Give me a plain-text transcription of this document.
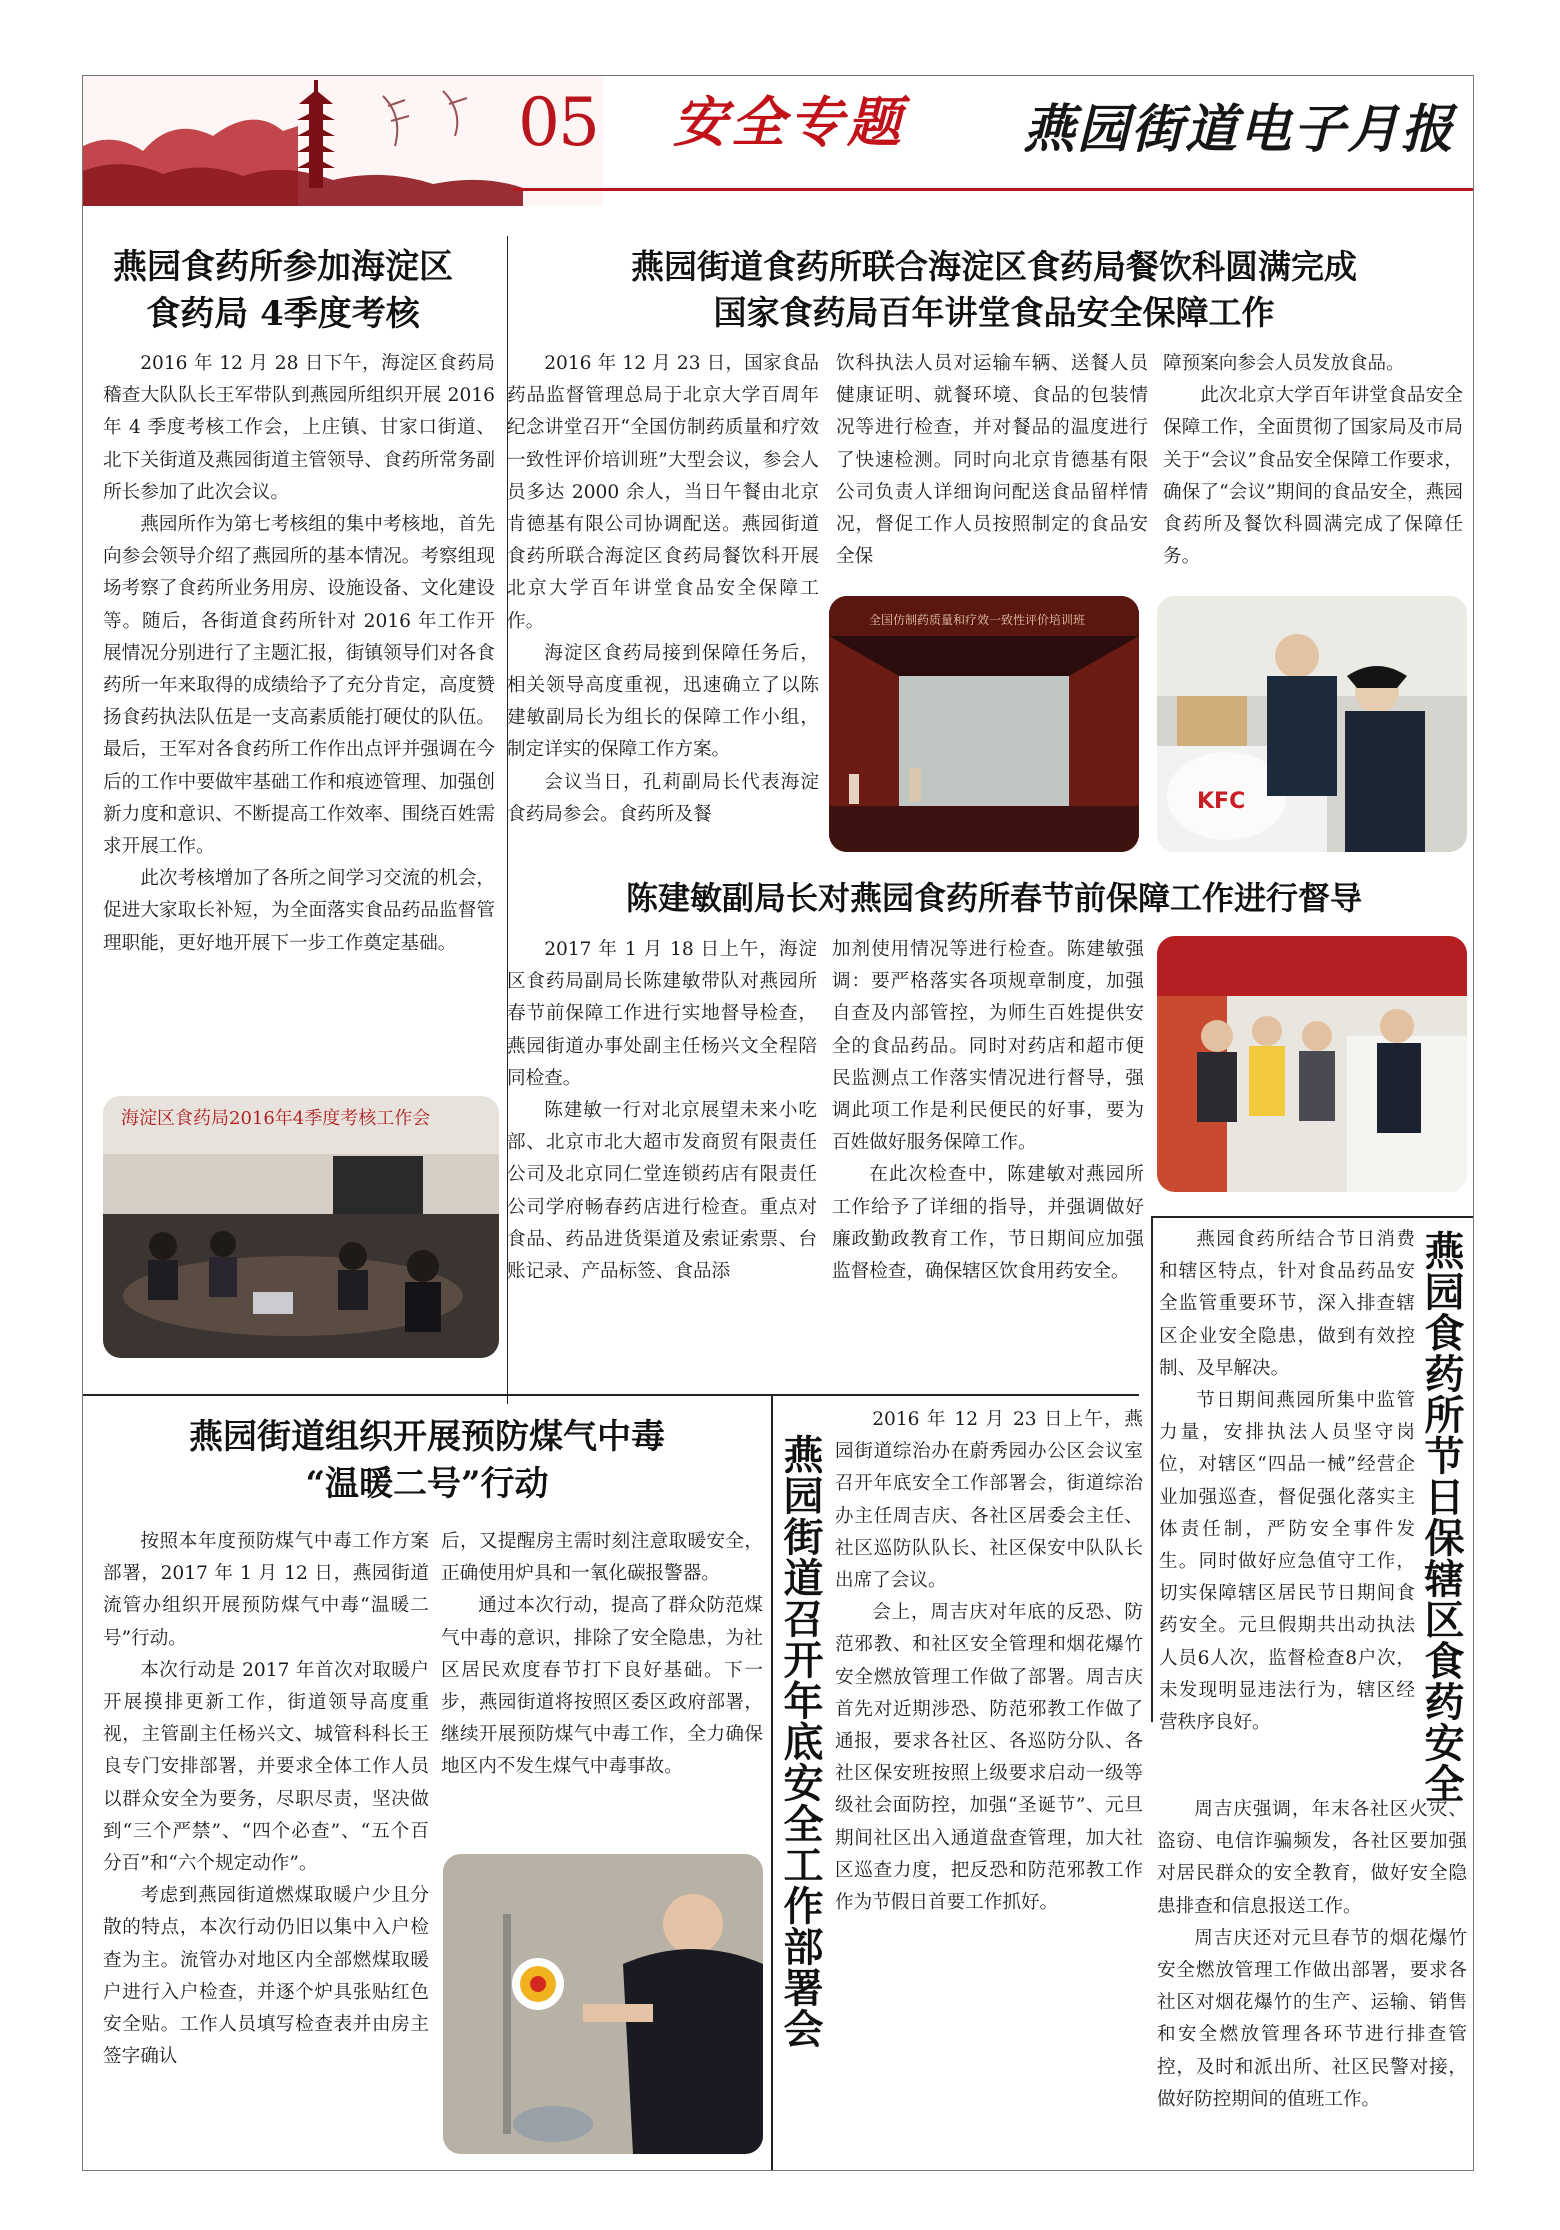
05 安全专题 燕园街道电子月报
燕园食药所参加海淀区
食药局 4季度考核

2016 年 12 月 28 日下午，海淀区食药局稽查大队队长王军带队到燕园所组织开展 2016 年 4 季度考核工作会，上庄镇、甘家口街道、北下关街道及燕园街道主管领导、食药所常务副所长参加了此次会议。

燕园所作为第七考核组的集中考核地，首先向参会领导介绍了燕园所的基本情况。考察组现场考察了食药所业务用房、设施设备、文化建设等。随后，各街道食药所针对 2016 年工作开展情况分别进行了主题汇报，街镇领导们对各食药所一年来取得的成绩给予了充分肯定，高度赞扬食药执法队伍是一支高素质能打硬仗的队伍。最后，王军对各食药所工作作出点评并强调在今后的工作中要做牢基础工作和痕迹管理、加强创新力度和意识、不断提高工作效率、围绕百姓需求开展工作。

此次考核增加了各所之间学习交流的机会，促进大家取长补短，为全面落实食品药品监督管理职能，更好地开展下一步工作奠定基础。

海淀区食药局2016年4季度考核工作会
燕园街道食药所联合海淀区食药局餐饮科圆满完成
国家食药局百年讲堂食品安全保障工作

2016 年 12 月 23 日，国家食品药品监督管理总局于北京大学百周年纪念讲堂召开“全国仿制药质量和疗效一致性评价培训班”大型会议，参会人员多达 2000 余人，当日午餐由北京肯德基有限公司协调配送。燕园街道食药所联合海淀区食药局餐饮科开展北京大学百年讲堂食品安全保障工作。

海淀区食药局接到保障任务后，相关领导高度重视，迅速确立了以陈建敏副局长为组长的保障工作小组，制定详实的保障工作方案。

会议当日，孔莉副局长代表海淀食药局参会。食药所及餐

饮科执法人员对运输车辆、送餐人员健康证明、就餐环境、食品的包装情况等进行检查，并对餐品的温度进行了快速检测。同时向北京肯德基有限公司负责人详细询问配送食品留样情况，督促工作人员按照制定的食品安全保

障预案向参会人员发放食品。

此次北京大学百年讲堂食品安全保障工作，全面贯彻了国家局及市局关于“会议”食品安全保障工作要求，确保了“会议”期间的食品安全，燕园食药所及餐饮科圆满完成了保障任务。

全国仿制药质量和疗效一致性评价培训班
KFC
陈建敏副局长对燕园食药所春节前保障工作进行督导

2017 年 1 月 18 日上午，海淀区食药局副局长陈建敏带队对燕园所春节前保障工作进行实地督导检查，燕园街道办事处副主任杨兴文全程陪同检查。

陈建敏一行对北京展望未来小吃部、北京市北大超市发商贸有限责任公司及北京同仁堂连锁药店有限责任公司学府畅春药店进行检查。重点对食品、药品进货渠道及索证索票、台账记录、产品标签、食品添

加剂使用情况等进行检查。陈建敏强调：要严格落实各项规章制度，加强自查及内部管控，为师生百姓提供安全的食品药品。同时对药店和超市便民监测点工作落实情况进行督导，强调此项工作是利民便民的好事，要为百姓做好服务保障工作。

在此次检查中，陈建敏对燕园所工作给予了详细的指导，并强调做好廉政勤政教育工作，节日期间应加强监督检查，确保辖区饮食用药安全。	燕园食药所节日保辖区食药安全

燕园食药所结合节日消费和辖区特点，针对食品药品安全监管重要环节，深入排查辖区企业安全隐患，做到有效控制、及早解决。

节日期间燕园所集中监管力量，安排执法人员坚守岗位，对辖区“四品一械”经营企业加强巡查，督促强化落实主体责任制，严防安全事件发生。同时做好应急值守工作，切实保障辖区居民节日期间食药安全。元旦假期共出动执法人员6人次，监督检查8户次，未发现明显违法行为，辖区经营秩序良好。

燕园街道组织开展预防煤气中毒
“温暖二号”行动

按照本年度预防煤气中毒工作方案部署，2017 年 1 月 12 日，燕园街道流管办组织开展预防煤气中毒“温暖二号”行动。

本次行动是 2017 年首次对取暖户开展摸排更新工作，街道领导高度重视，主管副主任杨兴文、城管科科长王良专门安排部署，并要求全体工作人员以群众安全为要务，尽职尽责，坚决做到“三个严禁”、“四个必查”、“五个百分百”和“六个规定动作”。

考虑到燕园街道燃煤取暖户少且分散的特点，本次行动仍旧以集中入户检查为主。流管办对地区内全部燃煤取暖户进行入户检查，并逐个炉具张贴红色安全贴。工作人员填写检查表并由房主签字确认

后，又提醒房主需时刻注意取暖安全，正确使用炉具和一氧化碳报警器。

通过本次行动，提高了群众防范煤气中毒的意识，排除了安全隐患，为社区居民欢度春节打下良好基础。下一步，燕园街道将按照区委区政府部署，继续开展预防煤气中毒工作，全力确保地区内不发生煤气中毒事故。	燕园街道召开年底安全工作部署会

2016 年 12 月 23 日上午，燕园街道综治办在蔚秀园办公区会议室召开年底安全工作部署会，街道综治办主任周吉庆、各社区居委会主任、社区巡防队队长、社区保安中队队长出席了会议。

会上，周吉庆对年底的反恐、防范邪教、和社区安全管理和烟花爆竹安全燃放管理工作做了部署。周吉庆首先对近期涉恐、防范邪教工作做了通报，要求各社区、各巡防分队、各社区保安班按照上级要求启动一级等级社会面防控，加强“圣诞节”、元旦期间社区出入通道盘查管理，加大社区巡查力度，把反恐和防范邪教工作作为节假日首要工作抓好。

周吉庆强调，年末各社区火灾、盗窃、电信诈骗频发，各社区要加强对居民群众的安全教育，做好安全隐患排查和信息报送工作。

周吉庆还对元旦春节的烟花爆竹安全燃放管理工作做出部署，要求各社区对烟花爆竹的生产、运输、销售和安全燃放管理各环节进行排查管控，及时和派出所、社区民警对接，做好防控期间的值班工作。
